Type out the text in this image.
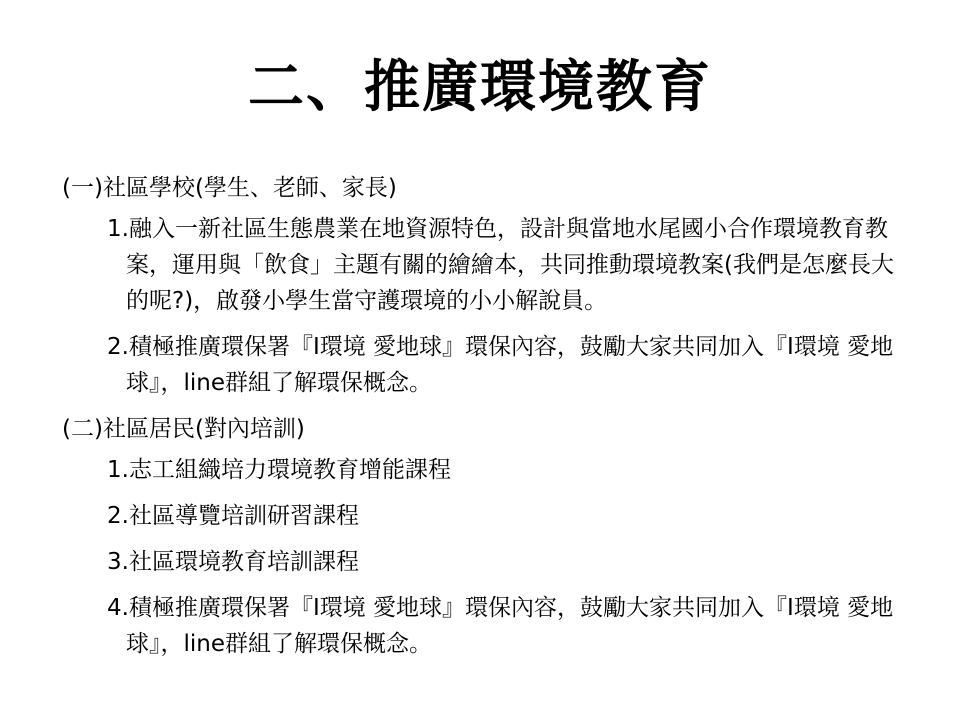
二、推廣環境教育
(一)社區學校(學生、老師、家長)
1.融入一新社區生態農業在地資源特色，設計與當地水尾國小合作環境教育教案，運用與「飲食」主題有關的繪繪本，共同推動環境教案(我們是怎麼長大的呢?)，啟發小學生當守護環境的小小解說員。
2.積極推廣環保署『I環境 愛地球』環保內容，鼓勵大家共同加入『I環境 愛地球』，line群組了解環保概念。
(二)社區居民(對內培訓)
1.志工組織培力環境教育增能課程
2.社區導覽培訓研習課程
3.社區環境教育培訓課程
4.積極推廣環保署『I環境 愛地球』環保內容，鼓勵大家共同加入『I環境 愛地球』，line群組了解環保概念。
